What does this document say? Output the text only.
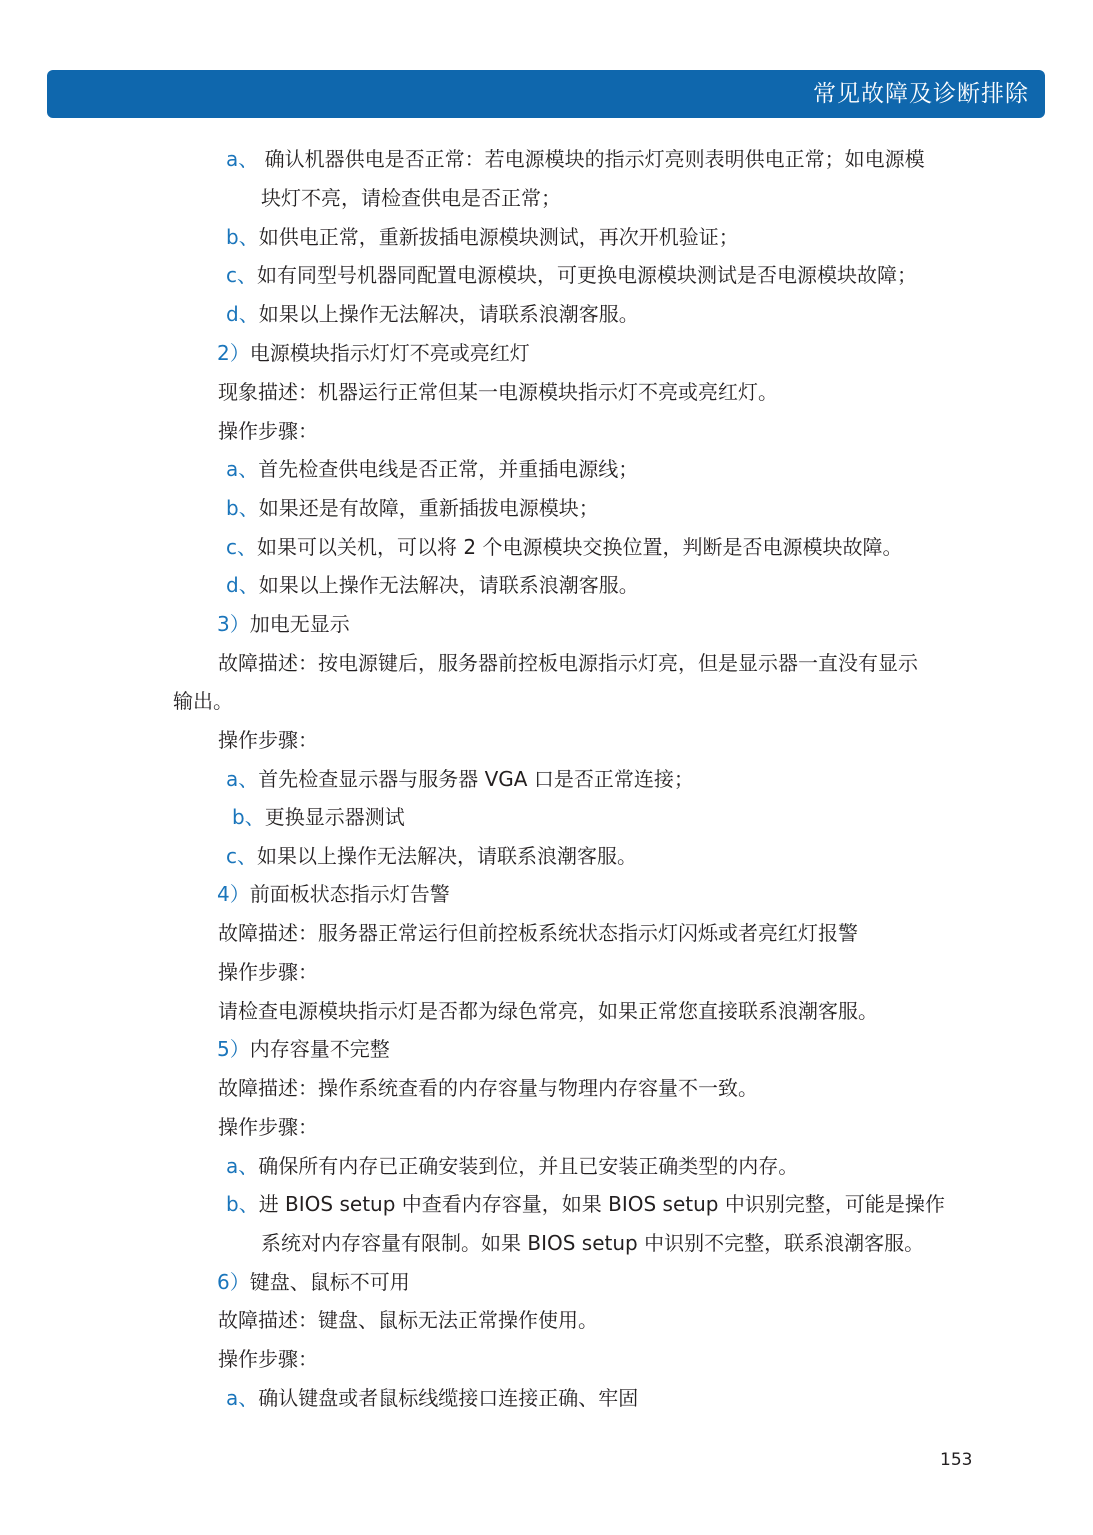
常见故障及诊断排除
a、 确认机器供电是否正常：若电源模块的指示灯亮则表明供电正常；如电源模
块灯不亮，请检查供电是否正常；
b、如供电正常，重新拔插电源模块测试，再次开机验证；
c、如有同型号机器同配置电源模块，可更换电源模块测试是否电源模块故障；
d、如果以上操作无法解决，请联系浪潮客服。
2）电源模块指示灯灯不亮或亮红灯
现象描述：机器运行正常但某一电源模块指示灯不亮或亮红灯。
操作步骤：
a、首先检查供电线是否正常，并重插电源线；
b、如果还是有故障，重新插拔电源模块；
c、如果可以关机，可以将 2 个电源模块交换位置，判断是否电源模块故障。
d、如果以上操作无法解决，请联系浪潮客服。
3）加电无显示
故障描述：按电源键后，服务器前控板电源指示灯亮，但是显示器一直没有显示
输出。
操作步骤：
a、首先检查显示器与服务器 VGA 口是否正常连接；
b、更换显示器测试
c、如果以上操作无法解决，请联系浪潮客服。
4）前面板状态指示灯告警
故障描述：服务器正常运行但前控板系统状态指示灯闪烁或者亮红灯报警
操作步骤：
请检查电源模块指示灯是否都为绿色常亮，如果正常您直接联系浪潮客服。
5）内存容量不完整
故障描述：操作系统查看的内存容量与物理内存容量不一致。
操作步骤：
a、确保所有内存已正确安装到位，并且已安装正确类型的内存。
b、进 BIOS setup 中查看内存容量，如果 BIOS setup 中识别完整，可能是操作
系统对内存容量有限制。如果 BIOS setup 中识别不完整，联系浪潮客服。
6）键盘、鼠标不可用
故障描述：键盘、鼠标无法正常操作使用。
操作步骤：
a、确认键盘或者鼠标线缆接口连接正确、牢固
153
